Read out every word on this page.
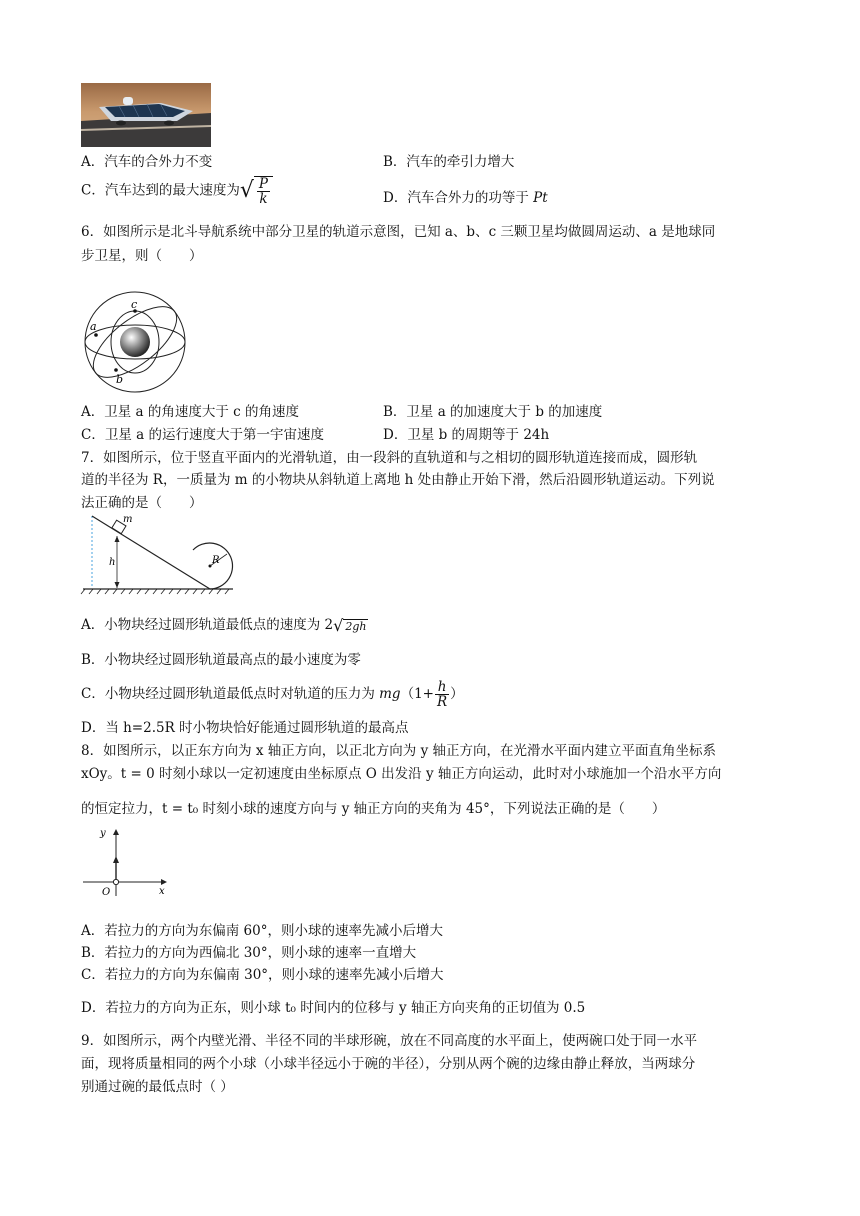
A．汽车的合外力不变	B．汽车的牵引力增大
C．汽车达到的最大速度为 √ $\frac{P}{k}$	D．汽车合外力的功等于 Pt
6．如图所示是北斗导航系统中部分卫星的轨道示意图，已知 a、b、c 三颗卫星均做圆周运动、a 是地球同
步卫星，则（　　）
a
c
b
A．卫星 a 的角速度大于 c 的角速度	B．卫星 a 的加速度大于 b 的加速度
C．卫星 a 的运行速度大于第一宇宙速度	D．卫星 b 的周期等于 24h
7．如图所示，位于竖直平面内的光滑轨道，由一段斜的直轨道和与之相切的圆形轨道连接而成，圆形轨
道的半径为 R，一质量为 m 的小物块从斜轨道上离地 h 处由静止开始下滑，然后沿圆形轨道运动。下列说
法正确的是（　　）
m
h	R
A．小物块经过圆形轨道最低点的速度为 2 √ 2gh
B．小物块经过圆形轨道最高点的最小速度为零
C．小物块经过圆形轨道最低点时对轨道的压力为 $mg(1+ \frac{h}{R}$ ）
D．当 h=2.5R 时小物块恰好能通过圆形轨道的最高点
8．如图所示，以正东方向为 x 轴正方向，以正北方向为 y 轴正方向，在光滑水平面内建立平面直角坐标系
xOy。t = 0 时刻小球以一定初速度由坐标原点 O 出发沿 y 轴正方向运动，此时对小球施加一个沿水平方向
的恒定拉力，t = t₀ 时刻小球的速度方向与 y 轴正方向的夹角为 45°，下列说法正确的是（　　）
y
x
O
A．若拉力的方向为东偏南 60°，则小球的速率先减小后增大
B．若拉力的方向为西偏北 30°，则小球的速率一直增大
C．若拉力的方向为东偏南 30°，则小球的速率先减小后增大
D．若拉力的方向为正东，则小球 t₀ 时间内的位移与 y 轴正方向夹角的正切值为 0.5
9．如图所示，两个内壁光滑、半径不同的半球形碗，放在不同高度的水平面上，使两碗口处于同一水平
面，现将质量相同的两个小球（小球半径远小于碗的半径），分别从两个碗的边缘由静止释放，当两球分
别通过碗的最低点时（ ）
